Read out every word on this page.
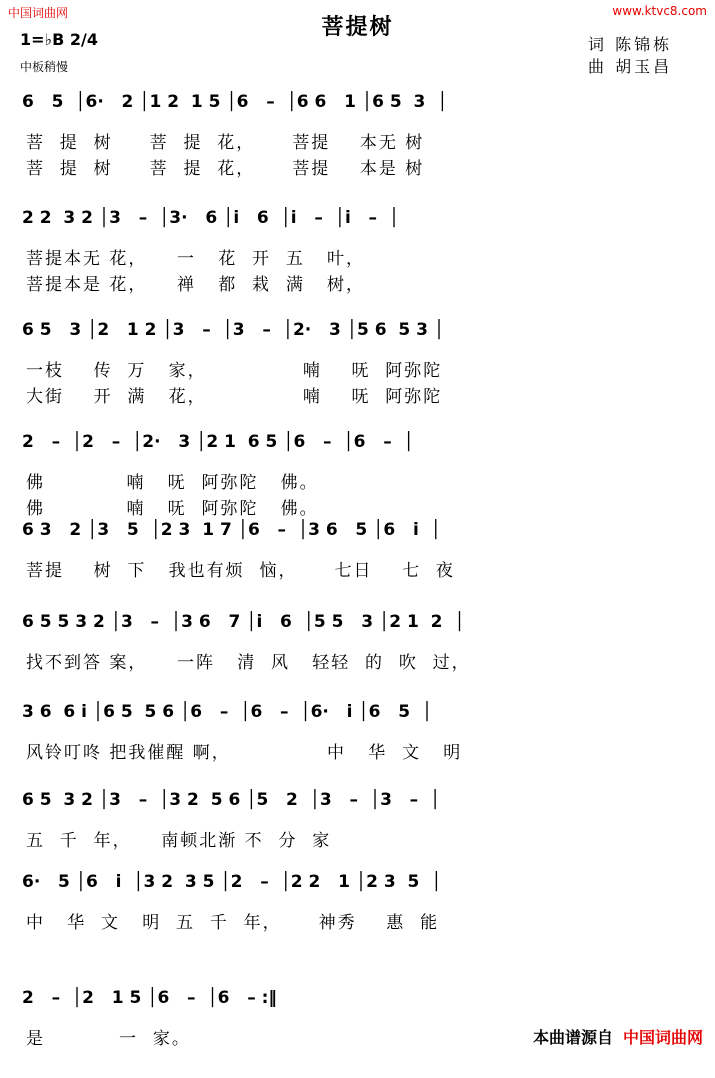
中国词曲网	www.ktvc8.com
菩提树
1=♭B 2/4
中板稍慢
词 陈锦栋
曲 胡玉昌
6   5  │6·   2 │1 2  1 5 │6   –  │6 6   1 │6 5  3  │
菩  提  树     菩  提  花，     菩提    本无 树
菩  提  树     菩  提  花，     菩提    本是 树
2 2  3 2 │3   –  │3·   6 │i   6  │i   –  │i   –  │
菩提本无 花，    一   花  开  五   叶，
菩提本是 花，    禅   都  栽  满   树，
6 5   3 │2   1 2 │3   –  │3   –  │2·   3 │5 6  5 3 │
一枝    传  万   家，             喃    呒  阿弥陀
大街    开  满   花，             喃    呒  阿弥陀
2   –  │2   –  │2·   3 │2 1  6 5 │6   –  │6   –  │
佛           喃   呒  阿弥陀   佛。
佛           喃   呒  阿弥陀   佛。
6 3   2 │3   5  │2 3  1 7 │6   –  │3 6   5 │6   i  │
菩提    树  下   我也有烦  恼，     七日    七  夜
6 5 5 3 2 │3   –  │3 6   7 │i   6  │5 5   3 │2 1  2  │
找不到答 案，    一阵   清  风   轻轻  的  吹  过，
3 6  6 i │6 5  5 6 │6   –  │6   –  │6·   i │6   5  │
风铃叮咚 把我催醒 啊，             中   华  文   明
6 5  3 2 │3   –  │3 2  5 6 │5   2  │3   –  │3   –  │
五  千  年，    南顿北渐 不  分  家
6·   5 │6   i  │3 2  3 5 │2   –  │2 2   1 │2 3  5  │
中   华  文   明  五  千  年，     神秀    惠  能
2   –  │2   1 5 │6   –  │6   – :‖
是          一  家。	本曲谱源自 中国词曲网
